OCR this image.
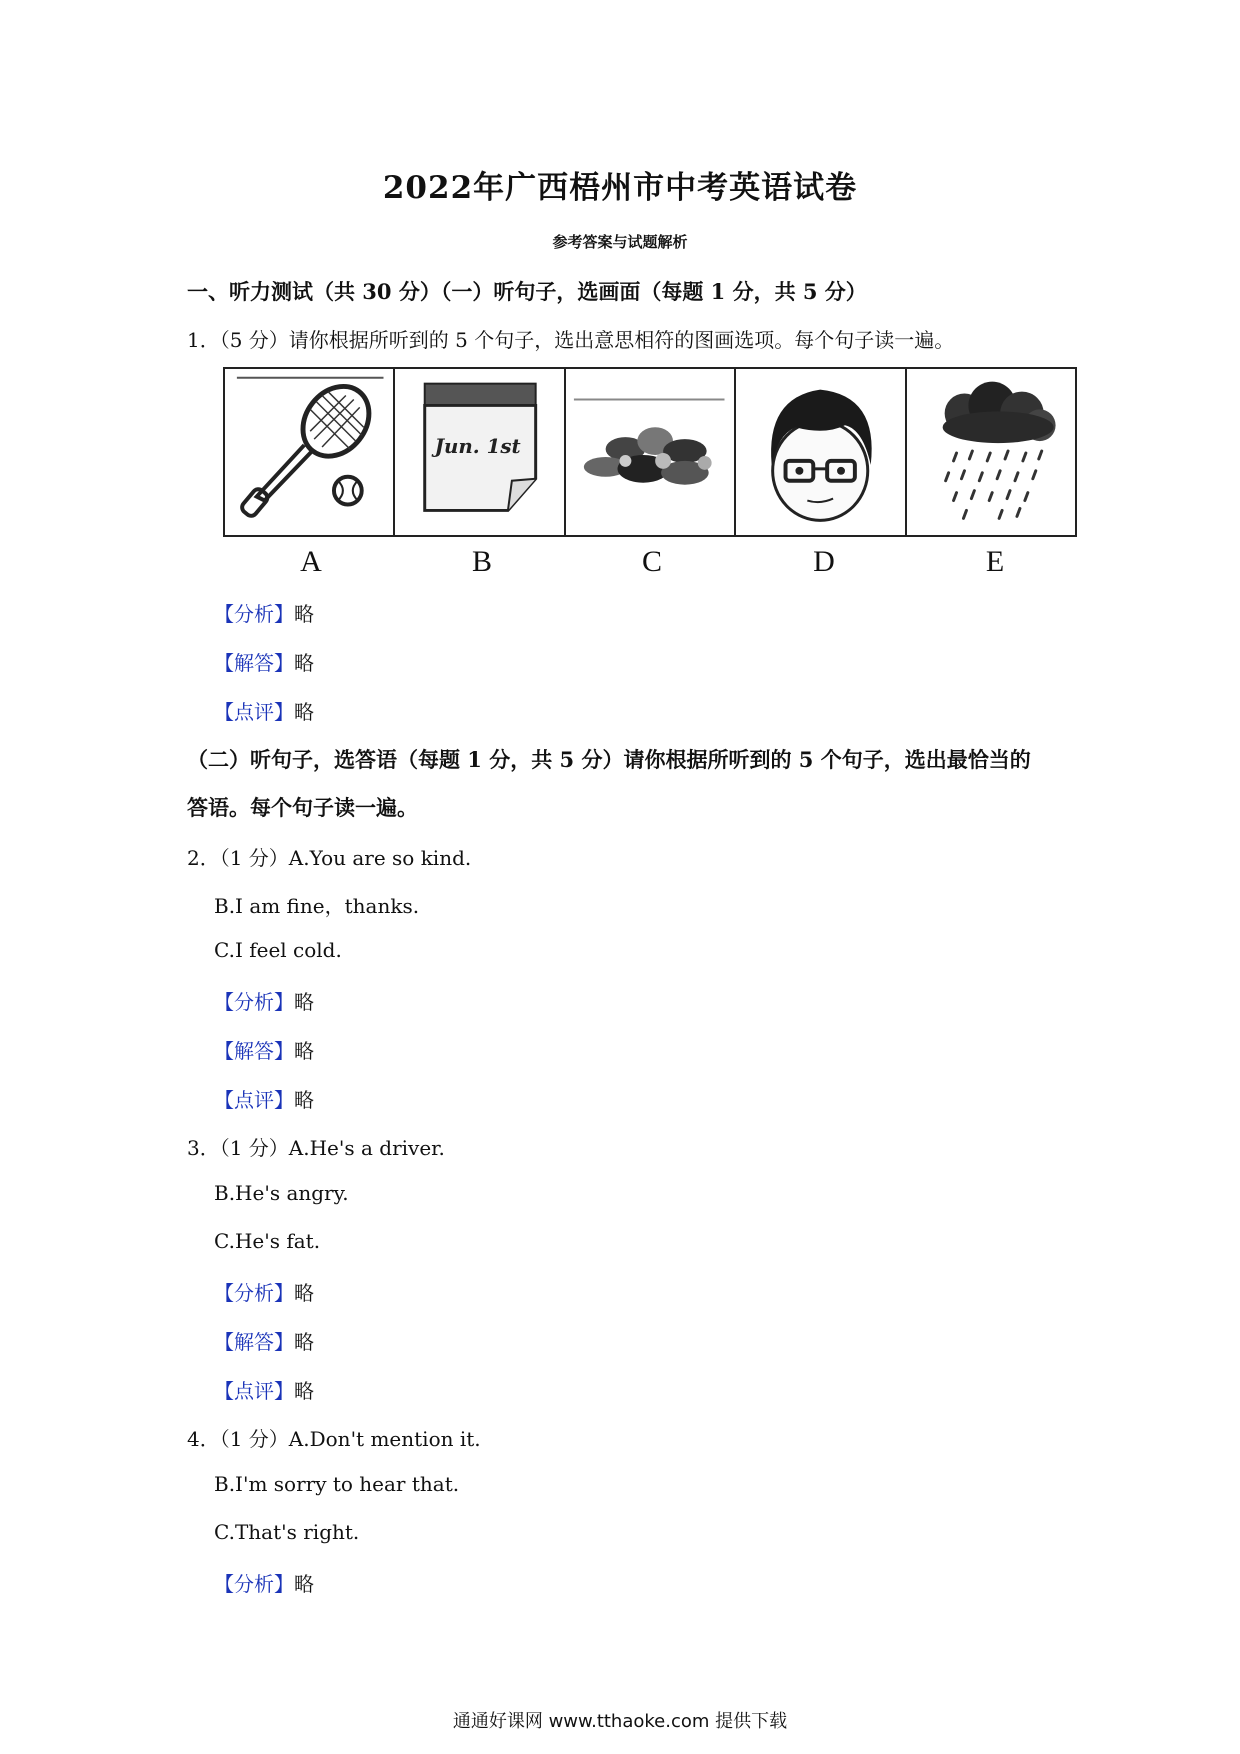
2022年广西梧州市中考英语试卷
参考答案与试题解析
一、听力测试（共 30 分）（一）听句子，选画面（每题 1 分，共 5 分）
1．（5 分）请你根据所听到的 5 个句子，选出意思相符的图画选项。每个句子读一遍。
Jun. 1st
A	B	C	D	E
【分析】略
【解答】略
【点评】略
（二）听句子，选答语（每题 1 分，共 5 分）请你根据所听到的 5 个句子，选出最恰当的
答语。每个句子读一遍。
2．（1 分）A.You are so kind.
B.I am fine，thanks.
C.I feel cold.
【分析】略
【解答】略
【点评】略
3．（1 分）A.He's a driver.
B.He's angry.
C.He's fat.
【分析】略
【解答】略
【点评】略
4．（1 分）A.Don't mention it.
B.I'm sorry to hear that.
C.That's right.
【分析】略
通通好课网 www.tthaoke.com 提供下载
